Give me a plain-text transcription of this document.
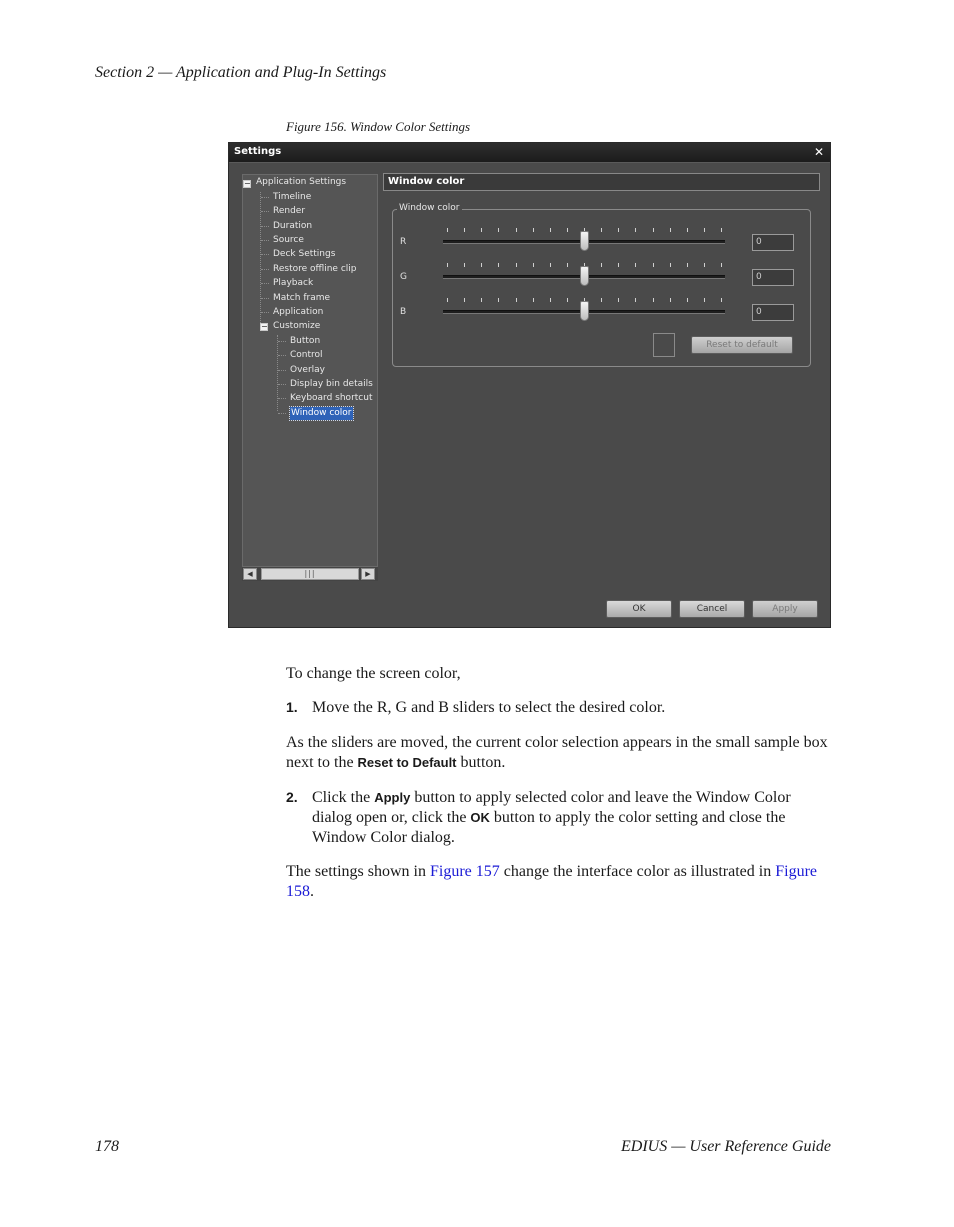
Section 2 — Application and Plug-In Settings
Figure 156. Window Color Settings
Settings	✕
− Application Settings
Timeline
Render
Duration
Source
Deck Settings
Restore offline clip
Playback
Match frame
Application
− Customize
Button
Control
Overlay
Display bin details
Keyboard shortcut
Window color
◀	|||	▶
Window color
Window color
R	0
G	0
B	0
Reset to default
OK	Cancel	Apply
To change the screen color,
1. Move the R, G and B sliders to select the desired color.
As the sliders are moved, the current color selection appears in the small sample box next to the Reset to Default button.
2. Click the Apply button to apply selected color and leave the Window Color dialog open or, click the OK button to apply the color setting and close the Window Color dialog.
The settings shown in Figure 157 change the interface color as illustrated in Figure 158.
178	EDIUS — User Reference Guide
